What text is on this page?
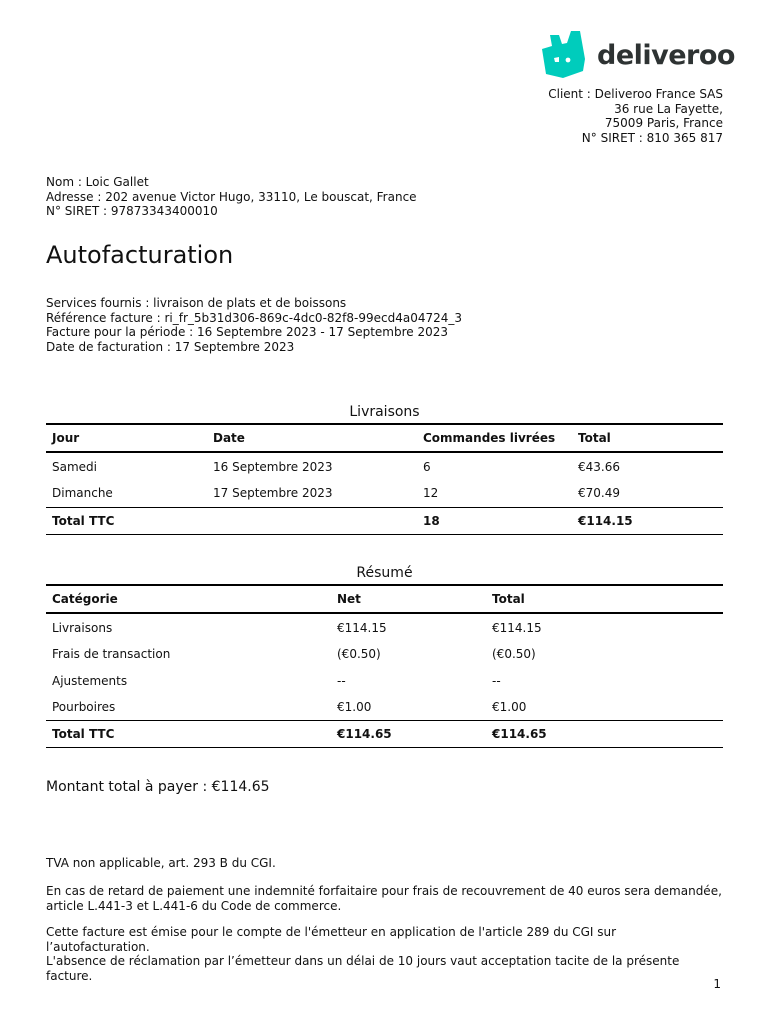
deliveroo
Client : Deliveroo France SAS
36 rue La Fayette,
75009 Paris, France
N° SIRET : 810 365 817
Nom : Loic Gallet
Adresse : 202 avenue Victor Hugo, 33110, Le bouscat, France
N° SIRET : 97873343400010
Autofacturation
Services fournis : livraison de plats et de boissons
Référence facture : ri_fr_5b31d306-869c-4dc0-82f8-99ecd4a04724_3
Facture pour la période : 16 Septembre 2023 - 17 Septembre 2023
Date de facturation : 17 Septembre 2023
Livraisons
Jour	Date	Commandes livrées	Total
Samedi	16 Septembre 2023	6	€43.66
Dimanche	17 Septembre 2023	12	€70.49
Total TTC		18	€114.15
Résumé
Catégorie	Net	Total
Livraisons	€114.15	€114.15
Frais de transaction	(€0.50)	(€0.50)
Ajustements	--	--
Pourboires	€1.00	€1.00
Total TTC	€114.65	€114.65
Montant total à payer : €114.65
TVA non applicable, art. 293 B du CGI.
En cas de retard de paiement une indemnité forfaitaire pour frais de recouvrement de 40 euros sera demandée,
article L.441-3 et L.441-6 du Code de commerce.
Cette facture est émise pour le compte de l'émetteur en application de l'article 289 du CGI sur l’autofacturation.
L'absence de réclamation par l’émetteur dans un délai de 10 jours vaut acceptation tacite de la présente facture.
1
